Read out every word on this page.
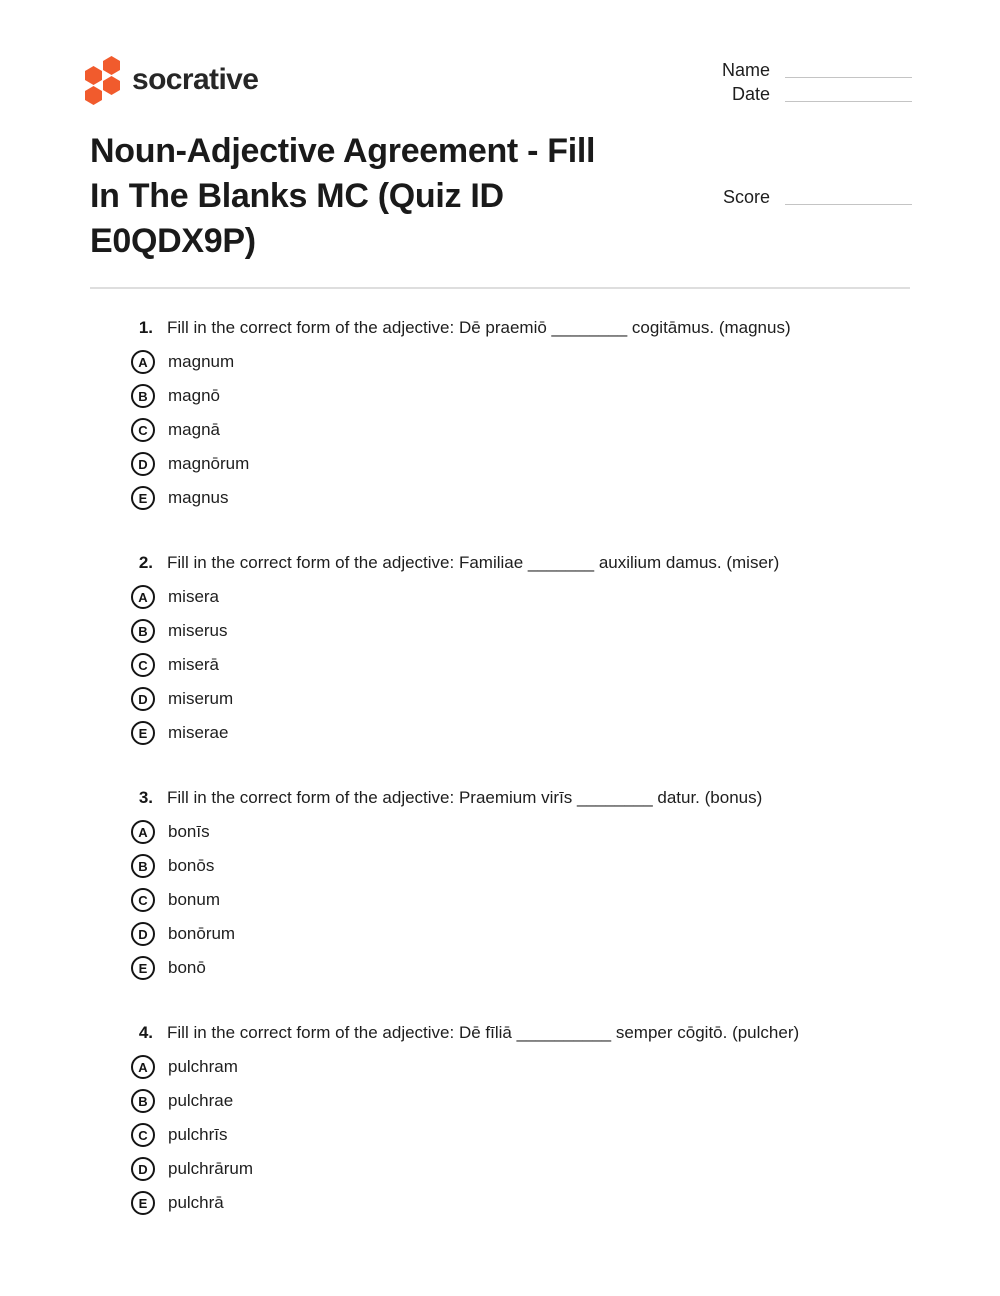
socrative	Name
Date
Score
Noun-Adjective Agreement - Fill
In The Blanks MC (Quiz ID
E0QDX9P)
1. Fill in the correct form of the adjective: Dē praemiō ________ cogitāmus. (magnus)
A	magnum
B	magnō
C	magnā
D	magnōrum
E	magnus
2. Fill in the correct form of the adjective: Familiae _______ auxilium damus. (miser)
A	misera
B	miserus
C	miserā
D	miserum
E	miserae
3. Fill in the correct form of the adjective: Praemium virīs ________ datur. (bonus)
A	bonīs
B	bonōs
C	bonum
D	bonōrum
E	bonō
4. Fill in the correct form of the adjective: Dē fīliā __________ semper cōgitō. (pulcher)
A	pulchram
B	pulchrae
C	pulchrīs
D	pulchrārum
E	pulchrā
